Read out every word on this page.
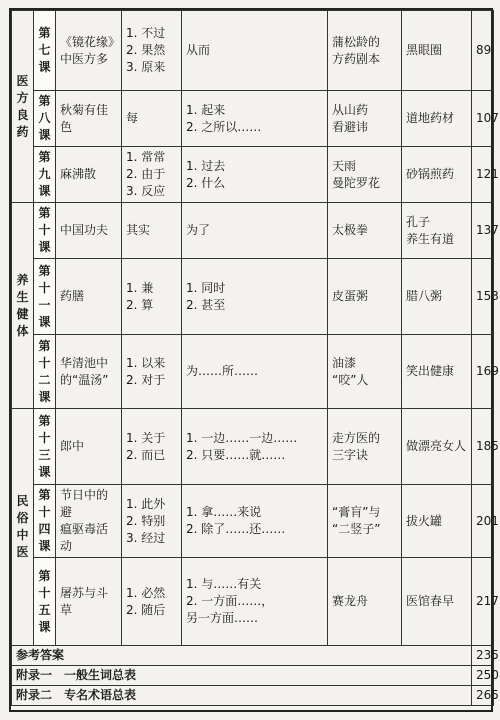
医
方
良
药	第
七
课	《镜花缘》
中医方多	1. 不过
2. 果然
3. 原来	从而	蒲松龄的
方药剧本	黑眼圈	89

	第
八
课	秋菊有佳色	每	1. 起来
2. 之所以……	从山药
看避讳	道地药材	107

	第
九
课	麻沸散	1. 常常
2. 由于
3. 反应	1. 过去
2. 什么	天雨
曼陀罗花	砂锅煎药	121

养
生
健
体	第
十
课	中国功夫	其实	为了	太极拳	孔子
养生有道	137

	第
十
一
课	药膳	1. 兼
2. 算	1. 同时
2. 甚至	皮蛋粥	腊八粥	153

	第
十
二
课	华清池中的“温汤”	1. 以来
2. 对于	为……所……	油漆
“咬”人	笑出健康	169

民
俗
中
医	第
十
三
课	郎中	1. 关于
2. 而已	1. 一边……一边……
2. 只要……就……	走方医的
三字诀	做漂亮女人	185

	第
十
四
课	节日中的避
瘟驱毒活动	1. 此外
2. 特别
3. 经过	1. 拿……来说
2. 除了……还……	“膏肓”与
“二竖子”	拔火罐	201

	第
十
五
课	屠苏与斗草	1. 必然
2. 随后	1. 与……有关
2. 一方面……，
另一方面……	赛龙舟	医馆春早	217
参考答案							235
附录一　一般生词总表							250
附录二　专名术语总表							265
